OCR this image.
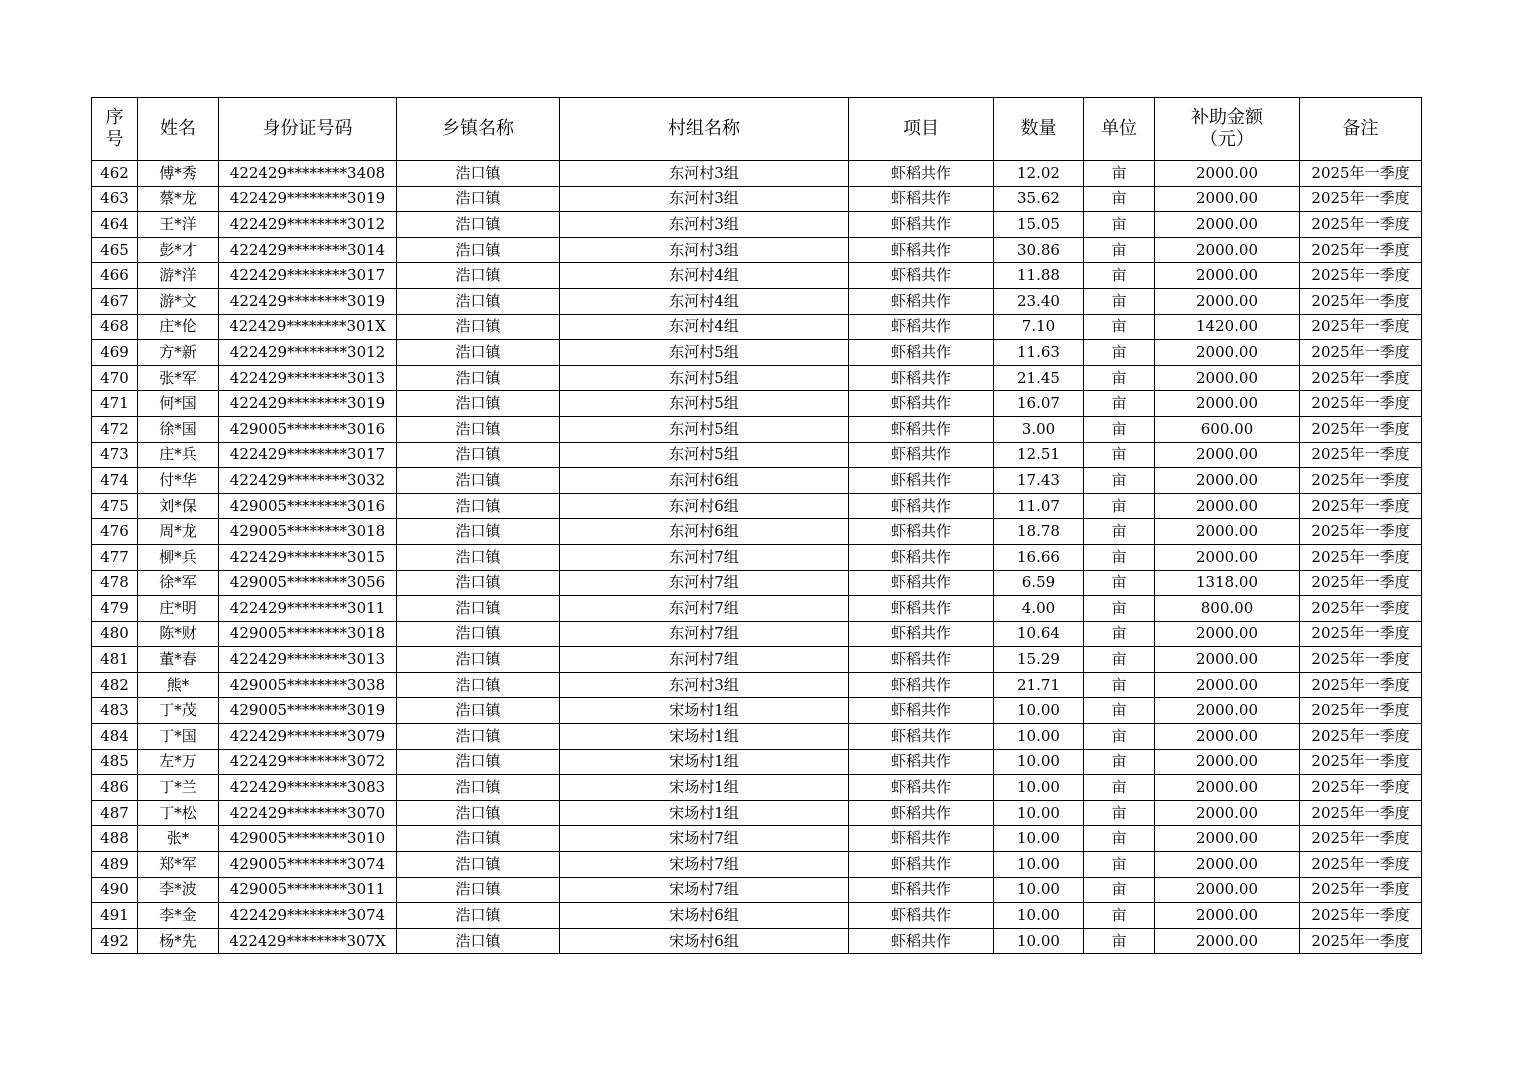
序号	姓名	身份证号码	乡镇名称	村组名称	项目	数量	单位	补助金额（元）	备注
462	傅*秀	422429********3408	浩口镇	东河村3组	虾稻共作	12.02	亩	2000.00	2025年一季度
463	蔡*龙	422429********3019	浩口镇	东河村3组	虾稻共作	35.62	亩	2000.00	2025年一季度
464	王*洋	422429********3012	浩口镇	东河村3组	虾稻共作	15.05	亩	2000.00	2025年一季度
465	彭*才	422429********3014	浩口镇	东河村3组	虾稻共作	30.86	亩	2000.00	2025年一季度
466	游*洋	422429********3017	浩口镇	东河村4组	虾稻共作	11.88	亩	2000.00	2025年一季度
467	游*文	422429********3019	浩口镇	东河村4组	虾稻共作	23.40	亩	2000.00	2025年一季度
468	庄*伦	422429********301X	浩口镇	东河村4组	虾稻共作	7.10	亩	1420.00	2025年一季度
469	方*新	422429********3012	浩口镇	东河村5组	虾稻共作	11.63	亩	2000.00	2025年一季度
470	张*军	422429********3013	浩口镇	东河村5组	虾稻共作	21.45	亩	2000.00	2025年一季度
471	何*国	422429********3019	浩口镇	东河村5组	虾稻共作	16.07	亩	2000.00	2025年一季度
472	徐*国	429005********3016	浩口镇	东河村5组	虾稻共作	3.00	亩	600.00	2025年一季度
473	庄*兵	422429********3017	浩口镇	东河村5组	虾稻共作	12.51	亩	2000.00	2025年一季度
474	付*华	422429********3032	浩口镇	东河村6组	虾稻共作	17.43	亩	2000.00	2025年一季度
475	刘*保	429005********3016	浩口镇	东河村6组	虾稻共作	11.07	亩	2000.00	2025年一季度
476	周*龙	429005********3018	浩口镇	东河村6组	虾稻共作	18.78	亩	2000.00	2025年一季度
477	柳*兵	422429********3015	浩口镇	东河村7组	虾稻共作	16.66	亩	2000.00	2025年一季度
478	徐*军	429005********3056	浩口镇	东河村7组	虾稻共作	6.59	亩	1318.00	2025年一季度
479	庄*明	422429********3011	浩口镇	东河村7组	虾稻共作	4.00	亩	800.00	2025年一季度
480	陈*财	429005********3018	浩口镇	东河村7组	虾稻共作	10.64	亩	2000.00	2025年一季度
481	董*春	422429********3013	浩口镇	东河村7组	虾稻共作	15.29	亩	2000.00	2025年一季度
482	熊*	429005********3038	浩口镇	东河村3组	虾稻共作	21.71	亩	2000.00	2025年一季度
483	丁*茂	429005********3019	浩口镇	宋场村1组	虾稻共作	10.00	亩	2000.00	2025年一季度
484	丁*国	422429********3079	浩口镇	宋场村1组	虾稻共作	10.00	亩	2000.00	2025年一季度
485	左*万	422429********3072	浩口镇	宋场村1组	虾稻共作	10.00	亩	2000.00	2025年一季度
486	丁*兰	422429********3083	浩口镇	宋场村1组	虾稻共作	10.00	亩	2000.00	2025年一季度
487	丁*松	422429********3070	浩口镇	宋场村1组	虾稻共作	10.00	亩	2000.00	2025年一季度
488	张*	429005********3010	浩口镇	宋场村7组	虾稻共作	10.00	亩	2000.00	2025年一季度
489	郑*军	429005********3074	浩口镇	宋场村7组	虾稻共作	10.00	亩	2000.00	2025年一季度
490	李*波	429005********3011	浩口镇	宋场村7组	虾稻共作	10.00	亩	2000.00	2025年一季度
491	李*金	422429********3074	浩口镇	宋场村6组	虾稻共作	10.00	亩	2000.00	2025年一季度
492	杨*先	422429********307X	浩口镇	宋场村6组	虾稻共作	10.00	亩	2000.00	2025年一季度
